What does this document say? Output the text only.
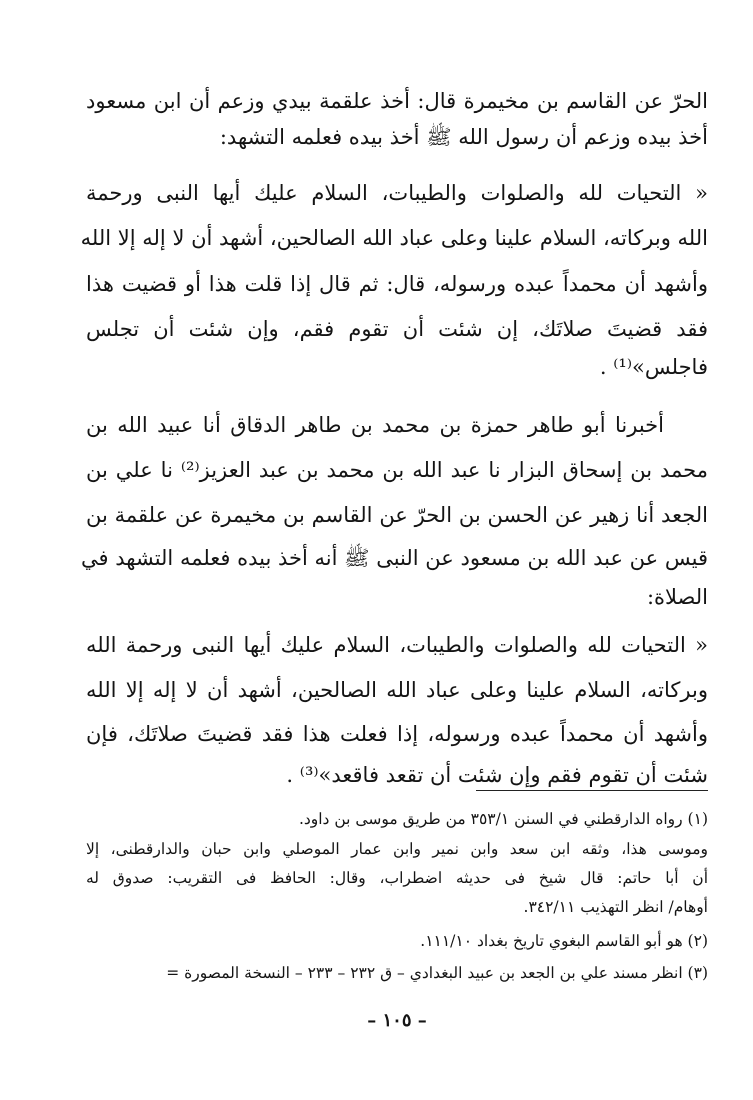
الحرّ عن القاسم بن مخيمرة قال: أخذ علقمة بيدي وزعم أن ابن مسعود
أخذ بيده وزعم أن رسول الله ﷺ أخذ بيده فعلمه التشهد:
« التحيات لله والصلوات والطيبات، السلام عليك أيها النبى ورحمة
الله وبركاته، السلام علينا وعلى عباد الله الصالحين، أشهد أن لا إله إلا الله
وأشهد أن محمداً عبده ورسوله، قال: ثم قال إذا قلت هذا أو قضيت هذا
فقد قضيتَ صلاتَك، إن شئت أن تقوم فقم، وإن شئت أن تجلس
فاجلس»⁽¹⁾ .
أخبرنا أبو طاهر حمزة بن محمد بن طاهر الدقاق أنا عبيد الله بن
محمد بن إسحاق البزار نا عبد الله بن محمد بن عبد العزيز⁽²⁾ نا علي بن
الجعد أنا زهير عن الحسن بن الحرّ عن القاسم بن مخيمرة عن علقمة بن
قيس عن عبد الله بن مسعود عن النبى ﷺ أنه أخذ بيده فعلمه التشهد في
الصلاة:
« التحيات لله والصلوات والطيبات، السلام عليك أيها النبى ورحمة الله
وبركاته، السلام علينا وعلى عباد الله الصالحين، أشهد أن لا إله إلا الله
وأشهد أن محمداً عبده ورسوله، إذا فعلت هذا فقد قضيتَ صلاتَك، فإن
شئت أن تقوم فقم وإن شئت أن تقعد فاقعد»⁽³⁾ .
(١) رواه الدارقطني في السنن ٣٥٣/١ من طريق موسى بن داود.
وموسى هذا، وثقه ابن سعد وابن نمير وابن عمار الموصلي وابن حبان والدارقطنى، إلا
أن أبا حاتم: قال شيخ فى حديثه اضطراب، وقال: الحافظ فى التقريب: صدوق له
أوهام/ انظر التهذيب ٣٤٢/١١.
(٢) هو أبو القاسم البغوي تاريخ بغداد ١١١/١٠.
(٣) انظر مسند علي بن الجعد بن عبيد البغدادي – ق ٢٣٢ – ٢٣٣ – النسخة المصورة =
– ١٠٥ –
